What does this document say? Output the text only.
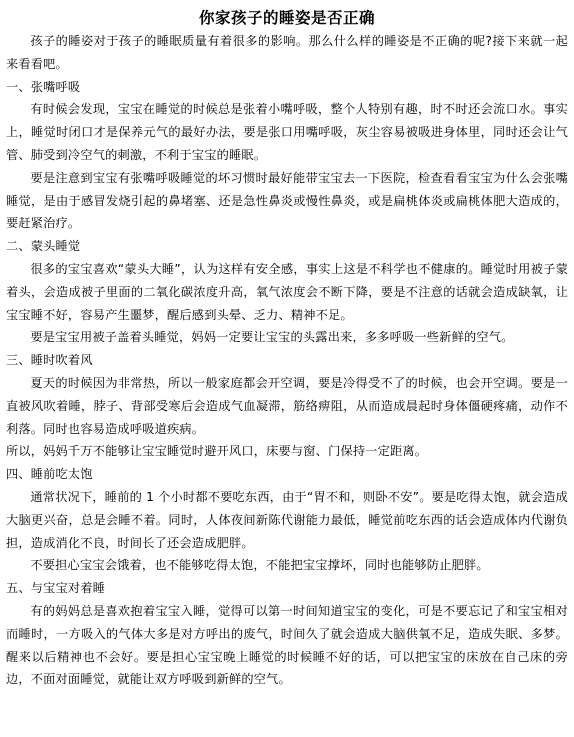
你家孩子的睡姿是否正确

孩子的睡姿对于孩子的睡眠质量有着很多的影响。那么什么样的睡姿是不正确的呢?接下来就一起来看看吧。

一、张嘴呼吸

有时候会发现，宝宝在睡觉的时候总是张着小嘴呼吸，整个人特别有趣，时不时还会流口水。事实上，睡觉时闭口才是保养元气的最好办法，要是张口用嘴呼吸，灰尘容易被吸进身体里，同时还会让气管、肺受到冷空气的刺激，不利于宝宝的睡眠。

要是注意到宝宝有张嘴呼吸睡觉的坏习惯时最好能带宝宝去一下医院，检查看看宝宝为什么会张嘴睡觉，是由于感冒发烧引起的鼻堵塞、还是急性鼻炎或慢性鼻炎，或是扁桃体炎或扁桃体肥大造成的，要赶紧治疗。

二、蒙头睡觉

很多的宝宝喜欢“蒙头大睡”，认为这样有安全感，事实上这是不科学也不健康的。睡觉时用被子蒙着头，会造成被子里面的二氧化碳浓度升高，氧气浓度会不断下降，要是不注意的话就会造成缺氧，让宝宝睡不好，容易产生噩梦，醒后感到头晕、乏力、精神不足。

要是宝宝用被子盖着头睡觉，妈妈一定要让宝宝的头露出来，多多呼吸一些新鲜的空气。

三、睡时吹着风

夏天的时候因为非常热，所以一般家庭都会开空调，要是冷得受不了的时候，也会开空调。要是一直被风吹着睡，脖子、背部受寒后会造成气血凝滞，筋络痹阻，从而造成晨起时身体僵硬疼痛，动作不利落。同时也容易造成呼吸道疾病。

所以，妈妈千万不能够让宝宝睡觉时避开风口，床要与窗、门保持一定距离。

四、睡前吃太饱

通常状况下，睡前的 1 个小时都不要吃东西，由于“胃不和，则卧不安”。要是吃得太饱，就会造成大脑更兴奋，总是会睡不着。同时，人体夜间新陈代谢能力最低，睡觉前吃东西的话会造成体内代谢负担，造成消化不良，时间长了还会造成肥胖。

不要担心宝宝会饿着，也不能够吃得太饱，不能把宝宝撑坏，同时也能够防止肥胖。

五、与宝宝对着睡

有的妈妈总是喜欢抱着宝宝入睡，觉得可以第一时间知道宝宝的变化，可是不要忘记了和宝宝相对而睡时，一方吸入的气体大多是对方呼出的废气，时间久了就会造成大脑供氧不足，造成失眠、多梦。醒来以后精神也不会好。要是担心宝宝晚上睡觉的时候睡不好的话，可以把宝宝的床放在自己床的旁边，不面对面睡觉，就能让双方呼吸到新鲜的空气。
